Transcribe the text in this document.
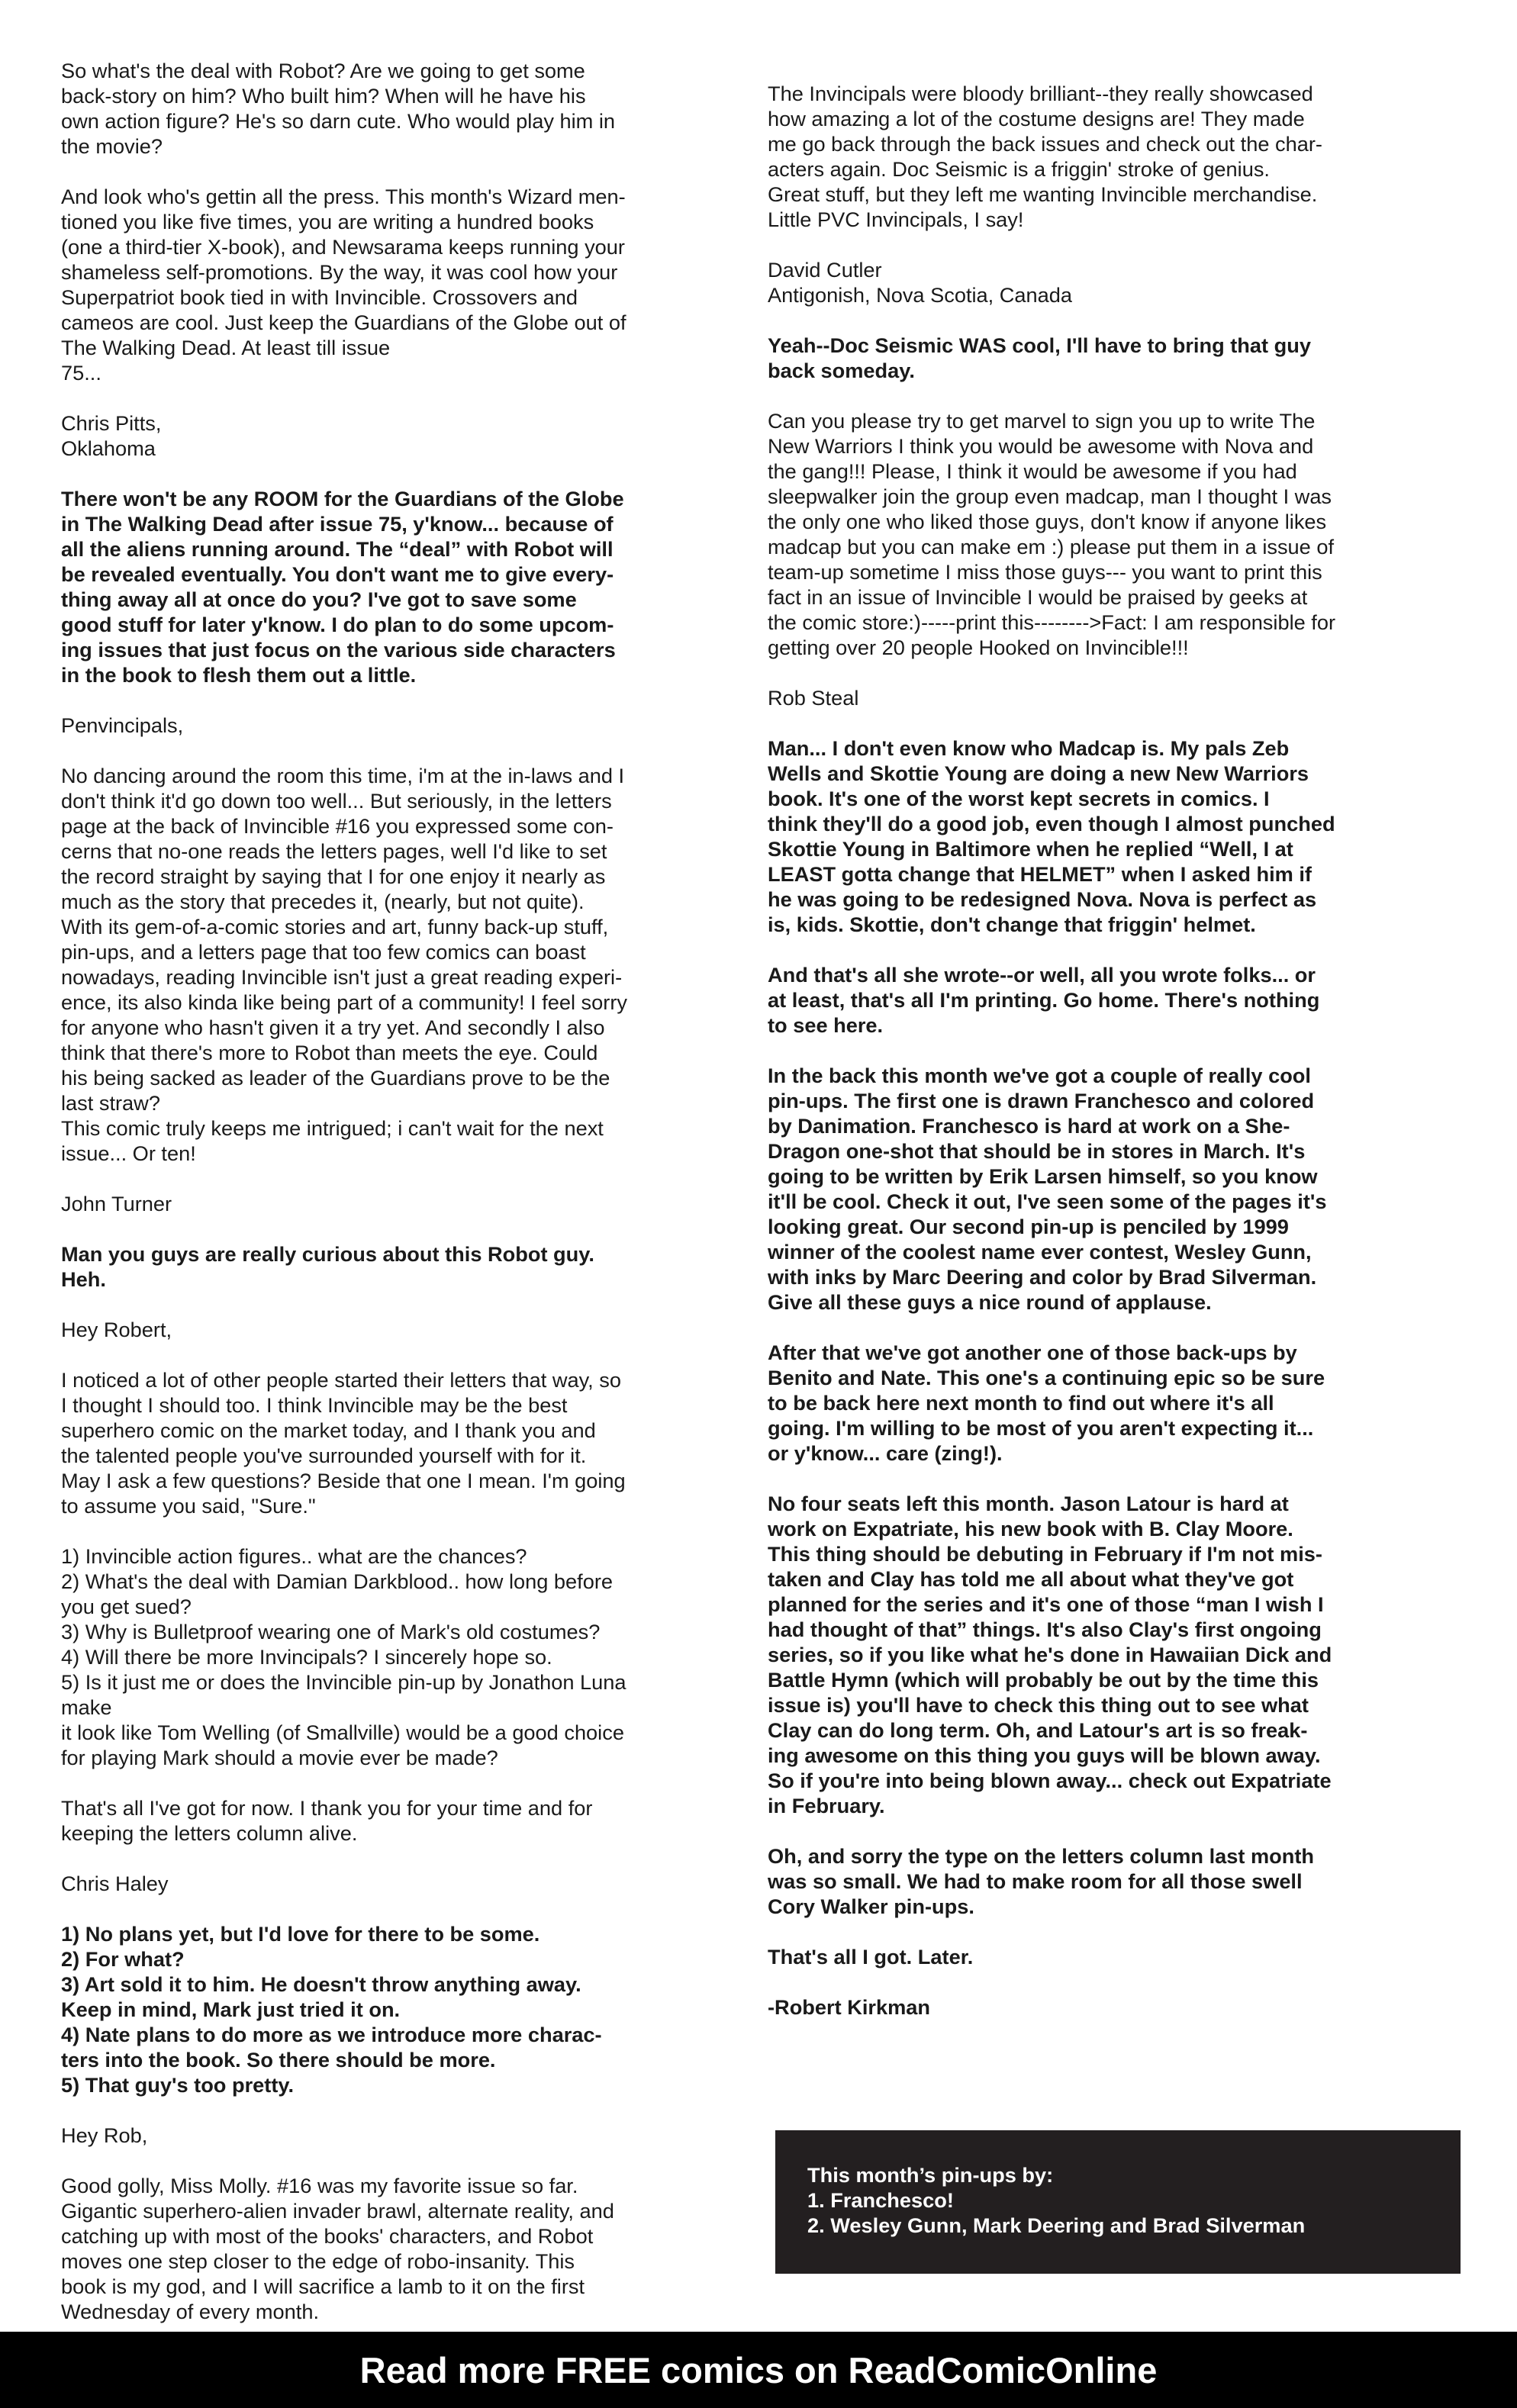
So what's the deal with Robot? Are we going to get some
back-story on him? Who built him? When will he have his
own action figure? He's so darn cute. Who would play him in
the movie?
And look who's gettin all the press. This month's Wizard men-
tioned you like five times, you are writing a hundred books
(one a third-tier X-book), and Newsarama keeps running your
shameless self-promotions. By the way, it was cool how your
Superpatriot book tied in with Invincible. Crossovers and
cameos are cool. Just keep the Guardians of the Globe out of
The Walking Dead. At least till issue
75...
Chris Pitts,
Oklahoma
There won't be any ROOM for the Guardians of the Globe
in The Walking Dead after issue 75, y'know... because of
all the aliens running around. The “deal” with Robot will
be revealed eventually. You don't want me to give every-
thing away all at once do you? I've got to save some
good stuff for later y'know. I do plan to do some upcom-
ing issues that just focus on the various side characters
in the book to flesh them out a little.
Penvincipals,
No dancing around the room this time, i'm at the in-laws and I
don't think it'd go down too well... But seriously, in the letters
page at the back of Invincible #16 you expressed some con-
cerns that no-one reads the letters pages, well I'd like to set
the record straight by saying that I for one enjoy it nearly as
much as the story that precedes it, (nearly, but not quite).
With its gem-of-a-comic stories and art, funny back-up stuff,
pin-ups, and a letters page that too few comics can boast
nowadays, reading Invincible isn't just a great reading experi-
ence, its also kinda like being part of a community! I feel sorry
for anyone who hasn't given it a try yet. And secondly I also
think that there's more to Robot than meets the eye. Could
his being sacked as leader of the Guardians prove to be the
last straw?
This comic truly keeps me intrigued; i can't wait for the next
issue... Or ten!
John Turner
Man you guys are really curious about this Robot guy.
Heh.
Hey Robert,
I noticed a lot of other people started their letters that way, so
I thought I should too. I think Invincible may be the best
superhero comic on the market today, and I thank you and
the talented people you've surrounded yourself with for it.
May I ask a few questions? Beside that one I mean. I'm going
to assume you said, "Sure."
1) Invincible action figures.. what are the chances?
2) What's the deal with Damian Darkblood.. how long before
you get sued?
3) Why is Bulletproof wearing one of Mark's old costumes?
4) Will there be more Invincipals? I sincerely hope so.
5) Is it just me or does the Invincible pin-up by Jonathon Luna
make
it look like Tom Welling (of Smallville) would be a good choice
for playing Mark should a movie ever be made?
That's all I've got for now. I thank you for your time and for
keeping the letters column alive.
Chris Haley
1) No plans yet, but I'd love for there to be some.
2) For what?
3) Art sold it to him. He doesn't throw anything away.
Keep in mind, Mark just tried it on.
4) Nate plans to do more as we introduce more charac-
ters into the book. So there should be more.
5) That guy's too pretty.
Hey Rob,
Good golly, Miss Molly. #16 was my favorite issue so far.
Gigantic superhero-alien invader brawl, alternate reality, and
catching up with most of the books' characters, and Robot
moves one step closer to the edge of robo-insanity. This
book is my god, and I will sacrifice a lamb to it on the first
Wednesday of every month.
The Invincipals were bloody brilliant--they really showcased
how amazing a lot of the costume designs are! They made
me go back through the back issues and check out the char-
acters again. Doc Seismic is a friggin' stroke of genius.
Great stuff, but they left me wanting Invincible merchandise.
Little PVC Invincipals, I say!
David Cutler
Antigonish, Nova Scotia, Canada
Yeah--Doc Seismic WAS cool, I'll have to bring that guy
back someday.
Can you please try to get marvel to sign you up to write The
New Warriors I think you would be awesome with Nova and
the gang!!! Please, I think it would be awesome if you had
sleepwalker join the group even madcap, man I thought I was
the only one who liked those guys, don't know if anyone likes
madcap but you can make em :) please put them in a issue of
team-up sometime I miss those guys--- you want to print this
fact in an issue of Invincible I would be praised by geeks at
the comic store:)-----print this-------->Fact: I am responsible for
getting over 20 people Hooked on Invincible!!!
Rob Steal
Man... I don't even know who Madcap is. My pals Zeb
Wells and Skottie Young are doing a new New Warriors
book. It's one of the worst kept secrets in comics. I
think they'll do a good job, even though I almost punched
Skottie Young in Baltimore when he replied “Well, I at
LEAST gotta change that HELMET” when I asked him if
he was going to be redesigned Nova. Nova is perfect as
is, kids. Skottie, don't change that friggin' helmet.
And that's all she wrote--or well, all you wrote folks... or
at least, that's all I'm printing. Go home. There's nothing
to see here.
In the back this month we've got a couple of really cool
pin-ups. The first one is drawn Franchesco and colored
by Danimation. Franchesco is hard at work on a She-
Dragon one-shot that should be in stores in March. It's
going to be written by Erik Larsen himself, so you know
it'll be cool. Check it out, I've seen some of the pages it's
looking great. Our second pin-up is penciled by 1999
winner of the coolest name ever contest, Wesley Gunn,
with inks by Marc Deering and color by Brad Silverman.
Give all these guys a nice round of applause.
After that we've got another one of those back-ups by
Benito and Nate. This one's a continuing epic so be sure
to be back here next month to find out where it's all
going. I'm willing to be most of you aren't expecting it...
or y'know... care (zing!).
No four seats left this month. Jason Latour is hard at
work on Expatriate, his new book with B. Clay Moore.
This thing should be debuting in February if I'm not mis-
taken and Clay has told me all about what they've got
planned for the series and it's one of those “man I wish I
had thought of that” things. It's also Clay's first ongoing
series, so if you like what he's done in Hawaiian Dick and
Battle Hymn (which will probably be out by the time this
issue is) you'll have to check this thing out to see what
Clay can do long term. Oh, and Latour's art is so freak-
ing awesome on this thing you guys will be blown away.
So if you're into being blown away... check out Expatriate
in February.
Oh, and sorry the type on the letters column last month
was so small. We had to make room for all those swell
Cory Walker pin-ups.
That's all I got. Later.
-Robert Kirkman
This month’s pin-ups by:
1. Franchesco!
2. Wesley Gunn, Mark Deering and Brad Silverman
Read more FREE comics on ReadComicOnline
